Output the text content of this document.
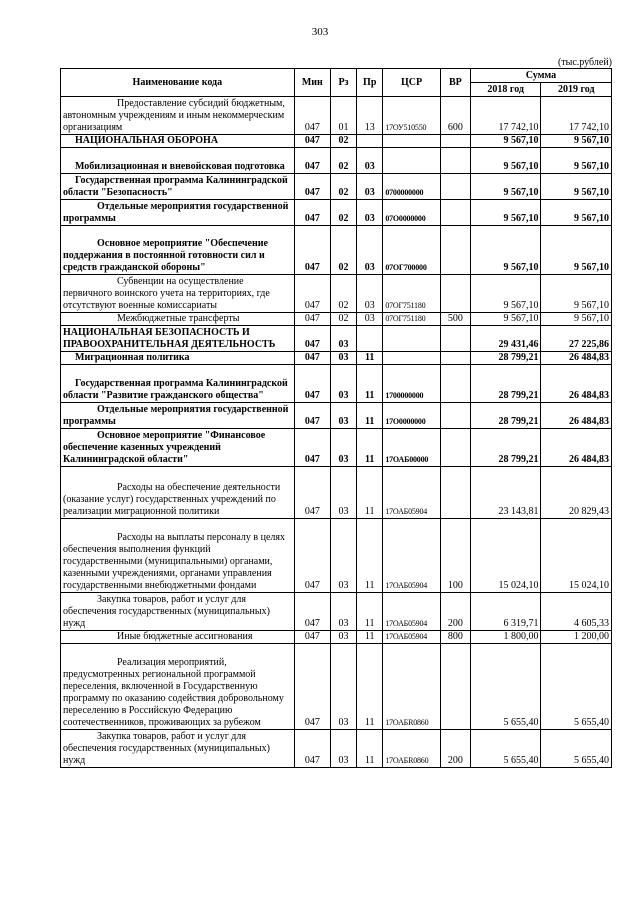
303
(тыс.рублей)
Наименование кода	Мин	Рз	Пр	ЦСР	ВР	Сумма	
						2018 год	2019 год
Предоставление субсидий бюджетным, автономным учреждениям и иным некоммерческим организациям	047	01	13	17ОУ510550	600	17 742,10	17 742,10
НАЦИОНАЛЬНАЯ ОБОРОНА	047	02				9 567,10	9 567,10
Мобилизационная и вневойсковая подготовка	047	02	03			9 567,10	9 567,10
Государственная программа Калининградской области "Безопасность"	047	02	03	0700000000		9 567,10	9 567,10
Отдельные мероприятия государственной программы	047	02	03	07О0000000		9 567,10	9 567,10
Основное мероприятие "Обеспечение поддержания в постоянной готовности сил и средств гражданской обороны"	047	02	03	07ОГ700000		9 567,10	9 567,10
Субвенции на осуществление первичного воинского учета на территориях, где отсутствуют военные комиссариаты	047	02	03	07ОГ751180		9 567,10	9 567,10
Межбюджетные трансферты	047	02	03	07ОГ751180	500	9 567,10	9 567,10
НАЦИОНАЛЬНАЯ БЕЗОПАСНОСТЬ И ПРАВООХРАНИТЕЛЬНАЯ ДЕЯТЕЛЬНОСТЬ	047	03				29 431,46	27 225,86
Миграционная политика	047	03	11			28 799,21	26 484,83
Государственная программа Калининградской области "Развитие гражданского общества"	047	03	11	1700000000		28 799,21	26 484,83
Отдельные мероприятия государственной программы	047	03	11	17О0000000		28 799,21	26 484,83
Основное мероприятие "Финансовое обеспечение казенных учреждений Калининградской области"	047	03	11	17ОАБ00000		28 799,21	26 484,83
Расходы на обеспечение деятельности (оказание услуг) государственных учреждений по реализации миграционной политики	047	03	11	17ОАБ05904		23 143,81	20 829,43
Расходы на выплаты персоналу в целях обеспечения выполнения функций государственными (муниципальными) органами, казенными учреждениями, органами управления государственными внебюджетными фондами	047	03	11	17ОАБ05904	100	15 024,10	15 024,10
Закупка товаров, работ и услуг для обеспечения государственных (муниципальных) нужд	047	03	11	17ОАБ05904	200	6 319,71	4 605,33
Иные бюджетные ассигнования	047	03	11	17ОАБ05904	800	1 800,00	1 200,00
Реализация мероприятий, предусмотренных региональной программой переселения, включенной в Государственную программу по оказанию содействия добровольному переселению в Российскую Федерацию соотечественников, проживающих за рубежом	047	03	11	17ОАБR0860		5 655,40	5 655,40
Закупка товаров, работ и услуг для обеспечения государственных (муниципальных) нужд	047	03	11	17ОАБR0860	200	5 655,40	5 655,40
